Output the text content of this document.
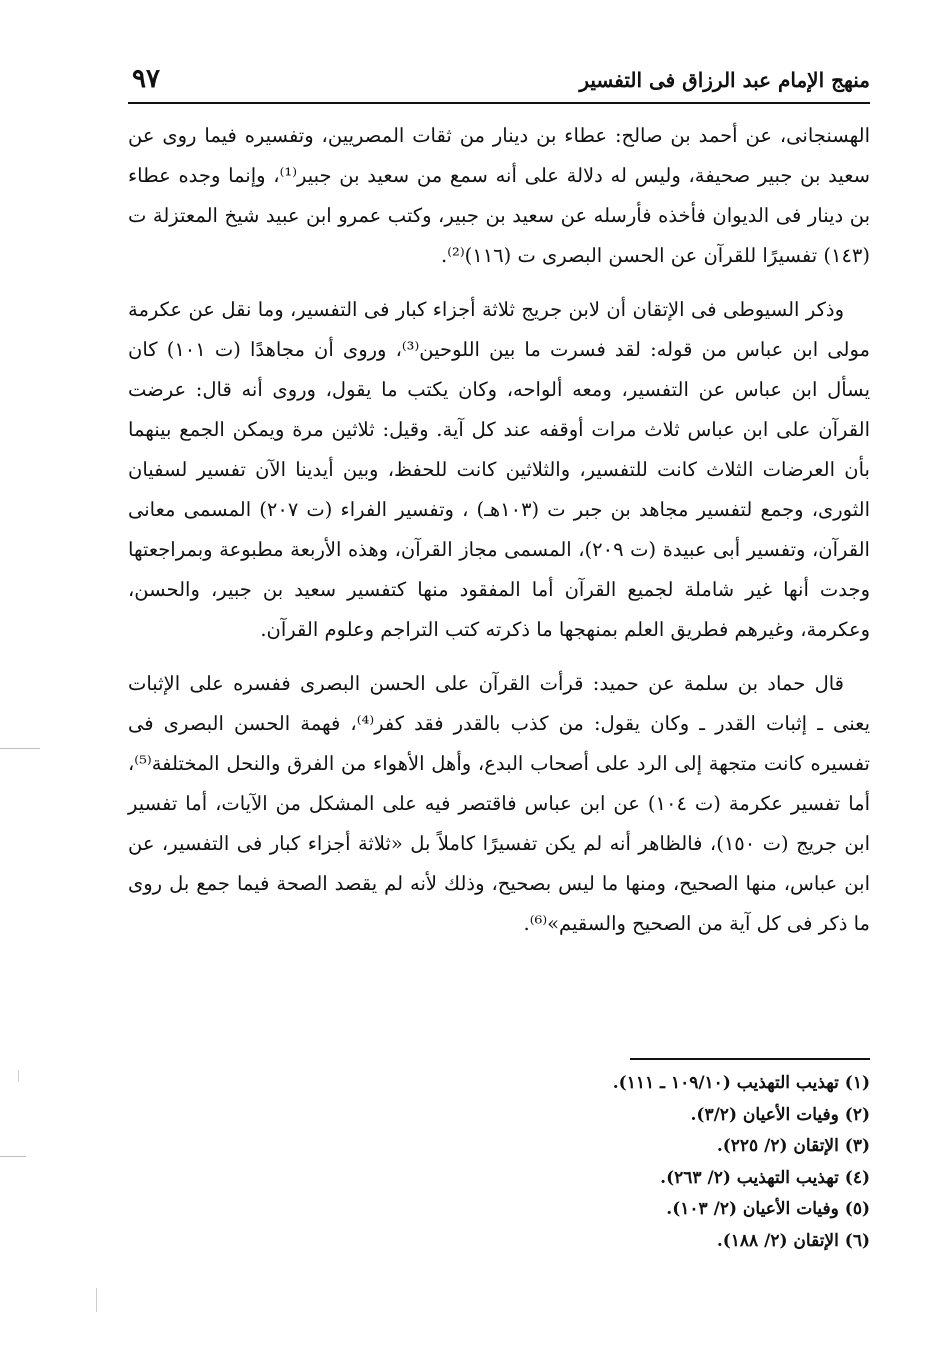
منهج الإمام عبد الرزاق فى التفسير
٩٧

الهسنجانى، عن أحمد بن صالح: عطاء بن دينار من ثقات المصريين، وتفسيره فيما روى عن سعيد بن جبير صحيفة، وليس له دلالة على أنه سمع من سعيد بن جبير⁽¹⁾، وإنما وجده عطاء بن دينار فى الديوان فأخذه فأرسله عن سعيد بن جبير، وكتب عمرو ابن عبيد شيخ المعتزلة ت (١٤٣) تفسيرًا للقرآن عن الحسن البصرى ت (١١٦)⁽²⁾.

وذكر السيوطى فى الإتقان أن لابن جريج ثلاثة أجزاء كبار فى التفسير، وما نقل عن عكرمة مولى ابن عباس من قوله: لقد فسرت ما بين اللوحين⁽³⁾، وروى أن مجاهدًا (ت ١٠١) كان يسأل ابن عباس عن التفسير، ومعه ألواحه، وكان يكتب ما يقول، وروى أنه قال: عرضت القرآن على ابن عباس ثلاث مرات أوقفه عند كل آية. وقيل: ثلاثين مرة ويمكن الجمع بينهما بأن العرضات الثلاث كانت للتفسير، والثلاثين كانت للحفظ، وبين أيدينا الآن تفسير لسفيان الثورى، وجمع لتفسير مجاهد بن جبر ت (١٠٣هـ) ، وتفسير الفراء (ت ٢٠٧) المسمى معانى القرآن، وتفسير أبى عبيدة (ت ٢٠٩)، المسمى مجاز القرآن، وهذه الأربعة مطبوعة وبمراجعتها وجدت أنها غير شاملة لجميع القرآن أما المفقود منها كتفسير سعيد بن جبير، والحسن، وعكرمة، وغيرهم فطريق العلم بمنهجها ما ذكرته كتب التراجم وعلوم القرآن.

قال حماد بن سلمة عن حميد: قرأت القرآن على الحسن البصرى ففسره على الإثبات يعنى ـ إثبات القدر ـ وكان يقول: من كذب بالقدر فقد كفر⁽⁴⁾، فهمة الحسن البصرى فى تفسيره كانت متجهة إلى الرد على أصحاب البدع، وأهل الأهواء من الفرق والنحل المختلفة⁽⁵⁾، أما تفسير عكرمة (ت ١٠٤) عن ابن عباس فاقتصر فيه على المشكل من الآيات، أما تفسير ابن جريج (ت ١٥٠)، فالظاهر أنه لم يكن تفسيرًا كاملاً بل «ثلاثة أجزاء كبار فى التفسير، عن ابن عباس، منها الصحيح، ومنها ما ليس بصحيح، وذلك لأنه لم يقصد الصحة فيما جمع بل روى ما ذكر فى كل آية من الصحيح والسقيم»⁽⁶⁾.

(١) تهذيب التهذيب (١٠٩/١٠ ـ ١١١).
(٢) وفيات الأعيان (٣/٢).
(٣) الإتقان (٢/ ٢٢٥).
(٤) تهذيب التهذيب (٢/ ٢٦٣).
(٥) وفيات الأعيان (٢/ ١٠٣).
(٦) الإتقان (٢/ ١٨٨).
